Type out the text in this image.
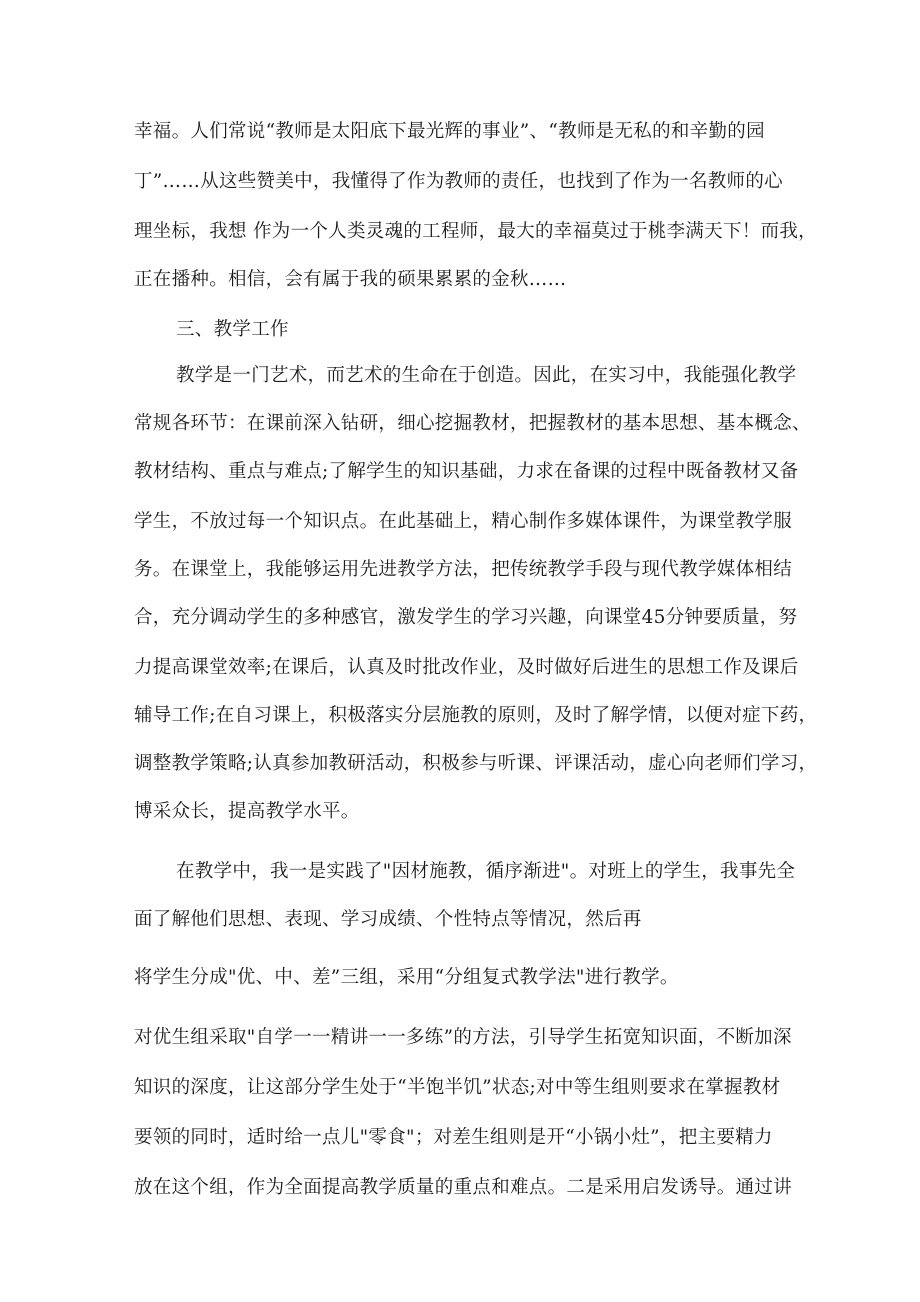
幸福。人们常说“教师是太阳底下最光辉的事业”、“教师是无私的和辛勤的园
丁”……从这些赞美中，我懂得了作为教师的责任，也找到了作为一名教师的心
理坐标，我想 作为一个人类灵魂的工程师，最大的幸福莫过于桃李满天下！而我，
正在播种。相信，会有属于我的硕果累累的金秋……
三、教学工作
教学是一门艺术，而艺术的生命在于创造。因此，在实习中，我能强化教学
常规各环节：在课前深入钻研，细心挖掘教材，把握教材的基本思想、基本概念、
教材结构、重点与难点;了解学生的知识基础，力求在备课的过程中既备教材又备
学生，不放过每一个知识点。在此基础上，精心制作多媒体课件，为课堂教学服
务。在课堂上，我能够运用先进教学方法，把传统教学手段与现代教学媒体相结
合，充分调动学生的多种感官，激发学生的学习兴趣，向课堂45分钟要质量，努
力提高课堂效率;在课后，认真及时批改作业，及时做好后进生的思想工作及课后
辅导工作;在自习课上，积极落实分层施教的原则，及时了解学情，以便对症下药，
调整教学策略;认真参加教研活动，积极参与听课、评课活动，虚心向老师们学习，
博采众长，提高教学水平。
在教学中，我一是实践了"因材施教，循序渐进"。对班上的学生，我事先全
面了解他们思想、表现、学习成绩、个性特点等情况，然后再
将学生分成"优、中、差”三组，采用“分组复式教学法"进行教学。
对优生组采取"自学一一精讲一一多练”的方法，引导学生拓宽知识面，不断加深
知识的深度，让这部分学生处于“半饱半饥”状态;对中等生组则要求在掌握教材
要领的同时，适时给一点儿"零食"；对差生组则是开“小锅小灶”，把主要精力
放在这个组，作为全面提高教学质量的重点和难点。二是采用启发诱导。通过讲
